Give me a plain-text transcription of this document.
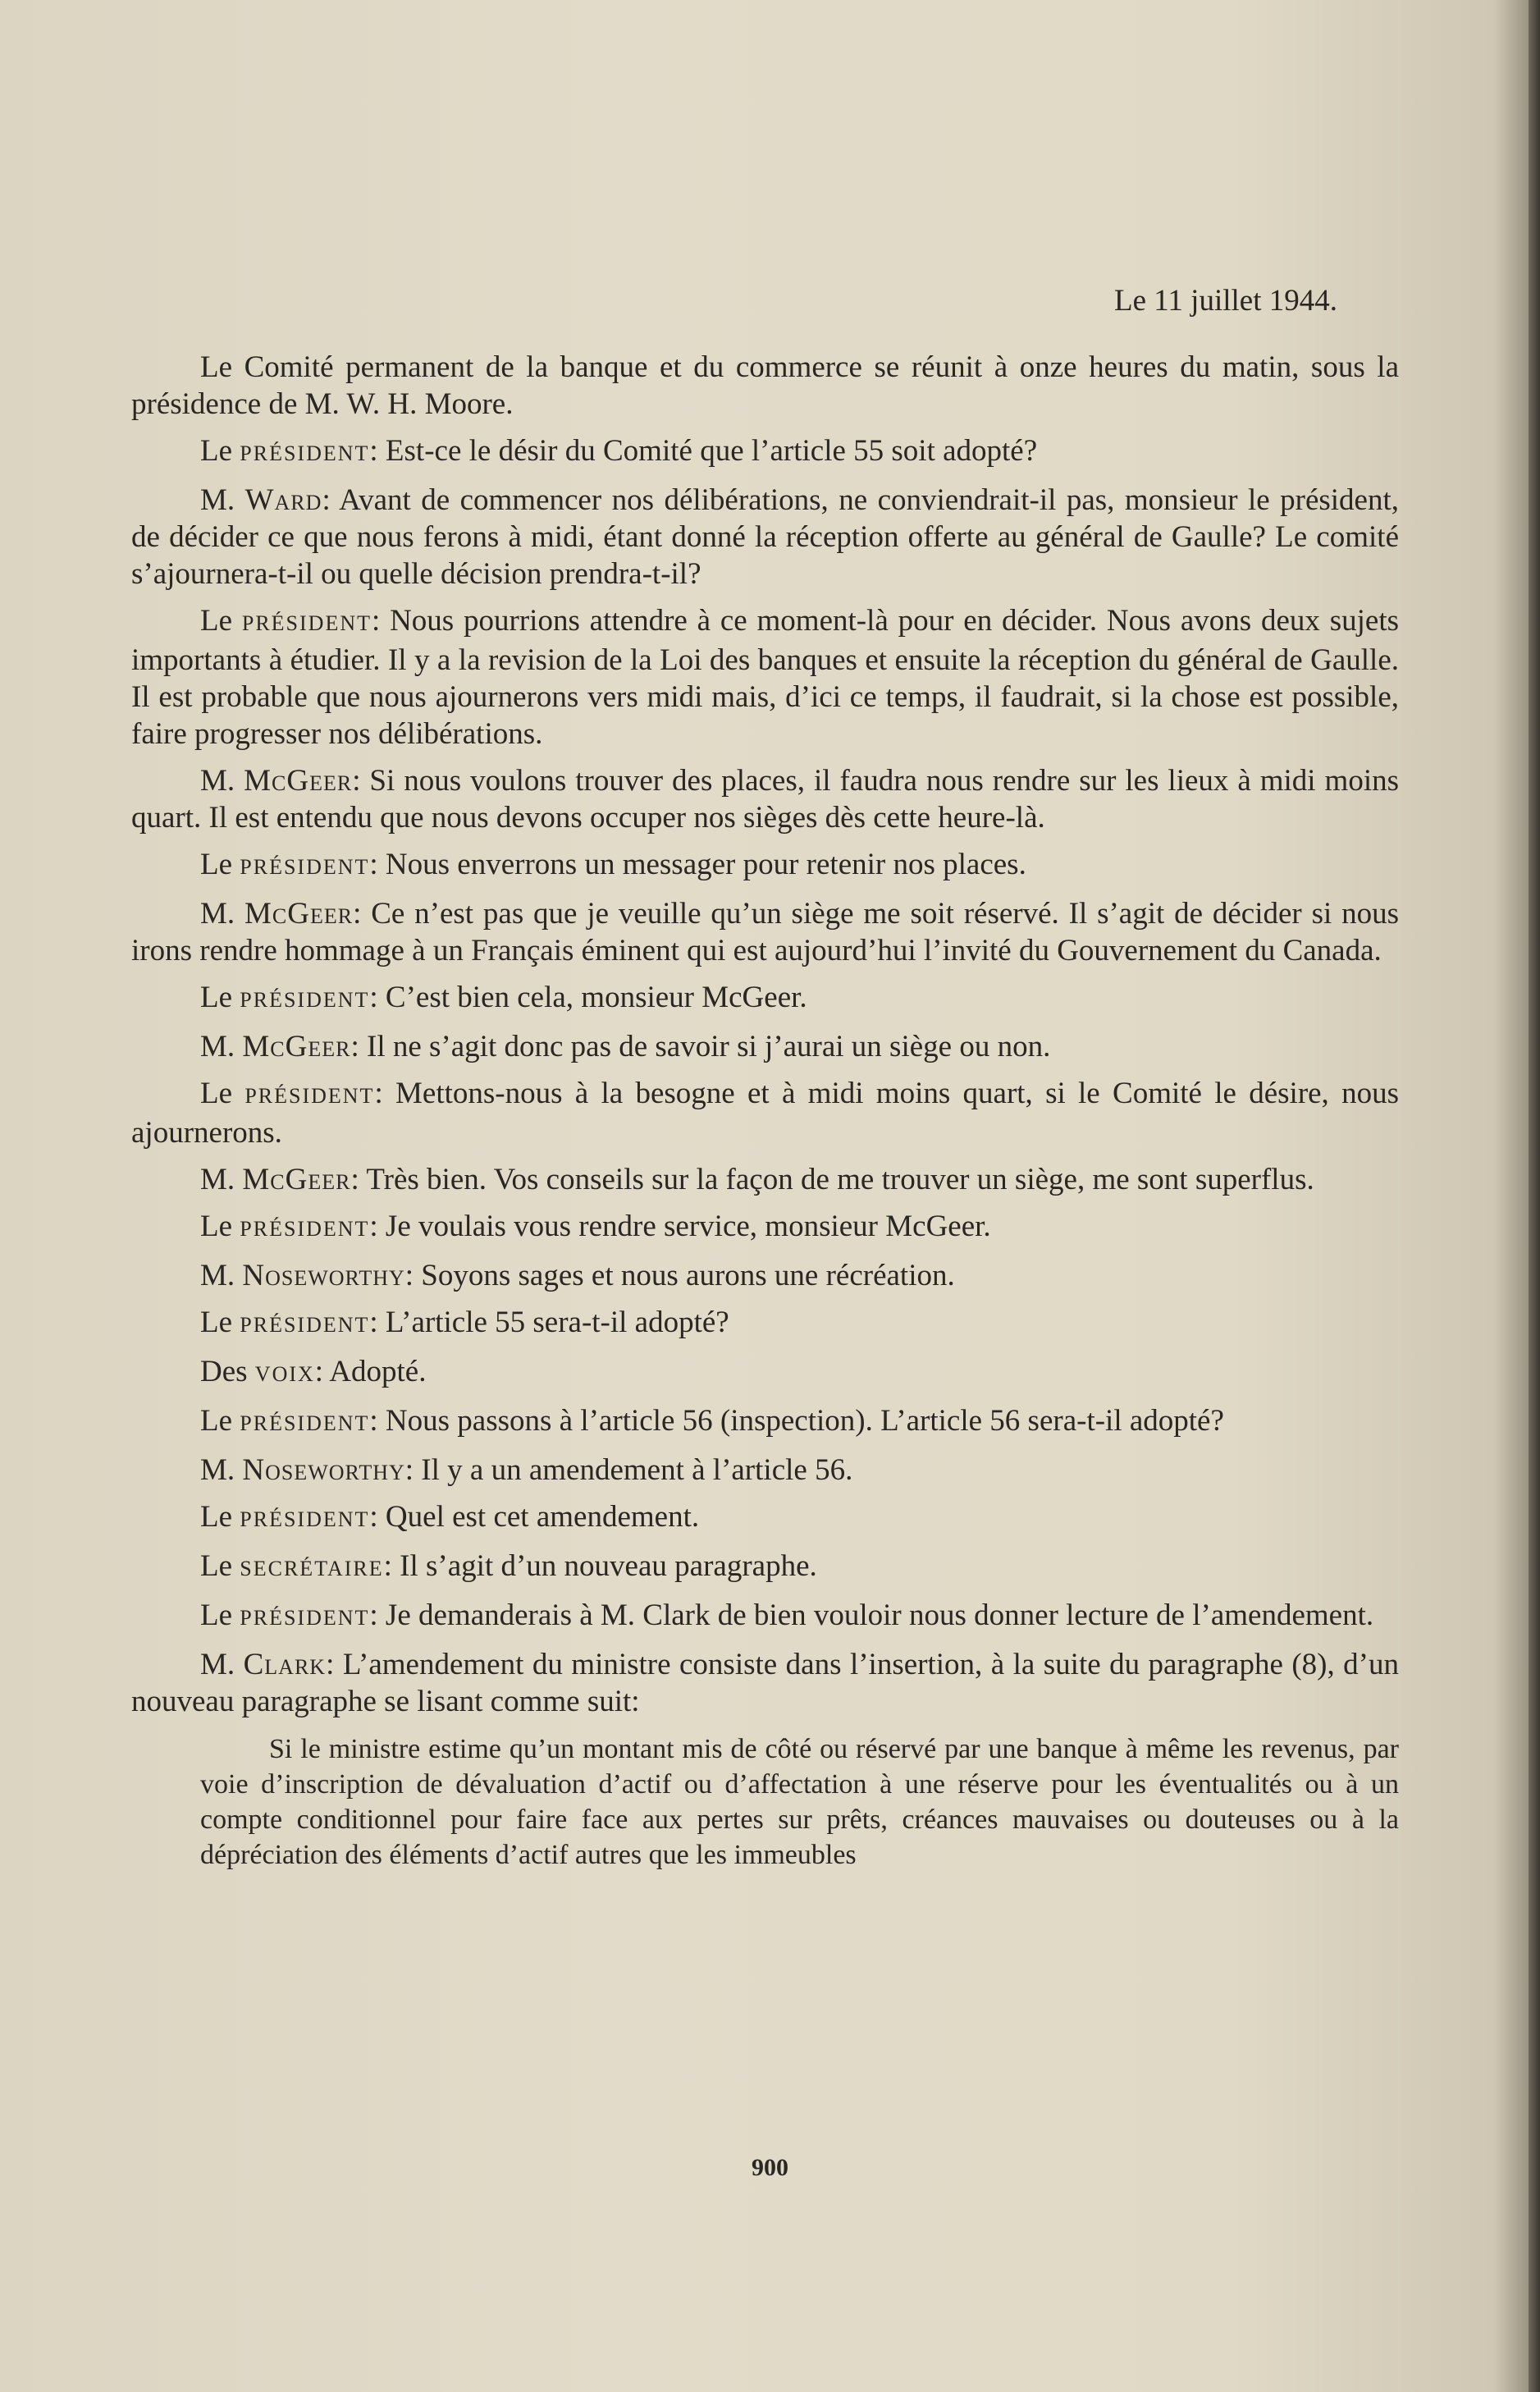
Le 11 juillet 1944.
Le Comité permanent de la banque et du commerce se réunit à onze heures du matin, sous la présidence de M. W. H. Moore.
Le PRÉSIDENT: Est-ce le désir du Comité que l’article 55 soit adopté?
M. Ward: Avant de commencer nos délibérations, ne conviendrait-il pas, monsieur le président, de décider ce que nous ferons à midi, étant donné la réception offerte au général de Gaulle? Le comité s’ajournera-t-il ou quelle décision prendra-t-il?
Le PRÉSIDENT: Nous pourrions attendre à ce moment-là pour en décider. Nous avons deux sujets importants à étudier. Il y a la revision de la Loi des banques et ensuite la réception du général de Gaulle. Il est probable que nous ajournerons vers midi mais, d’ici ce temps, il faudrait, si la chose est possible, faire progresser nos délibérations.
M. McGeer: Si nous voulons trouver des places, il faudra nous rendre sur les lieux à midi moins quart. Il est entendu que nous devons occuper nos sièges dès cette heure-là.
Le PRÉSIDENT: Nous enverrons un messager pour retenir nos places.
M. McGeer: Ce n’est pas que je veuille qu’un siège me soit réservé. Il s’agit de décider si nous irons rendre hommage à un Français éminent qui est aujourd’hui l’invité du Gouvernement du Canada.
Le PRÉSIDENT: C’est bien cela, monsieur McGeer.
M. McGeer: Il ne s’agit donc pas de savoir si j’aurai un siège ou non.
Le PRÉSIDENT: Mettons-nous à la besogne et à midi moins quart, si le Comité le désire, nous ajournerons.
M. McGeer: Très bien. Vos conseils sur la façon de me trouver un siège, me sont superflus.
Le PRÉSIDENT: Je voulais vous rendre service, monsieur McGeer.
M. Noseworthy: Soyons sages et nous aurons une récréation.
Le PRÉSIDENT: L’article 55 sera-t-il adopté?
Des VOIX: Adopté.
Le PRÉSIDENT: Nous passons à l’article 56 (inspection). L’article 56 sera-t-il adopté?
M. Noseworthy: Il y a un amendement à l’article 56.
Le PRÉSIDENT: Quel est cet amendement.
Le SECRÉTAIRE: Il s’agit d’un nouveau paragraphe.
Le PRÉSIDENT: Je demanderais à M. Clark de bien vouloir nous donner lecture de l’amendement.
M. Clark: L’amendement du ministre consiste dans l’insertion, à la suite du paragraphe (8), d’un nouveau paragraphe se lisant comme suit:
Si le ministre estime qu’un montant mis de côté ou réservé par une banque à même les revenus, par voie d’inscription de dévaluation d’actif ou d’affectation à une réserve pour les éventualités ou à un compte conditionnel pour faire face aux pertes sur prêts, créances mauvaises ou douteuses ou à la dépréciation des éléments d’actif autres que les immeubles
900
